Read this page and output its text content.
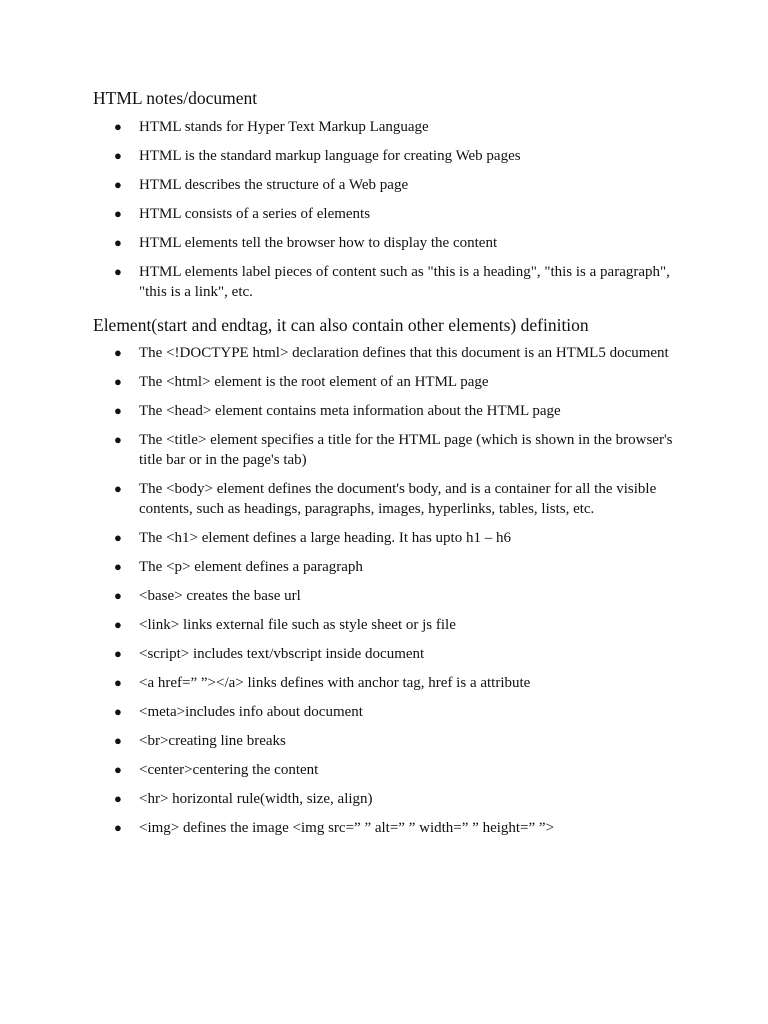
HTML notes/document
● HTML stands for Hyper Text Markup Language
● HTML is the standard markup language for creating Web pages
● HTML describes the structure of a Web page
● HTML consists of a series of elements
● HTML elements tell the browser how to display the content
● HTML elements label pieces of content such as "this is a heading", "this is a paragraph", "this is a link", etc.
Element(start and endtag, it can also contain other elements) definition
● The <!DOCTYPE html> declaration defines that this document is an HTML5 document
● The <html> element is the root element of an HTML page
● The <head> element contains meta information about the HTML page
● The <title> element specifies a title for the HTML page (which is shown in the browser's title bar or in the page's tab)
● The <body> element defines the document's body, and is a container for all the visible contents, such as headings, paragraphs, images, hyperlinks, tables, lists, etc.
● The <h1> element defines a large heading. It has upto h1 – h6
● The <p> element defines a paragraph
● <base> creates the base url
● <link> links external file such as style sheet or js file
● <script> includes text/vbscript inside document
● <a href=” ”></a> links defines with anchor tag, href is a attribute
● <meta>includes info about document
● <br>creating line breaks
● <center>centering the content
● <hr> horizontal rule(width, size, align)
● <img> defines the image <img src=” ” alt=” ” width=” ” height=” ”>
